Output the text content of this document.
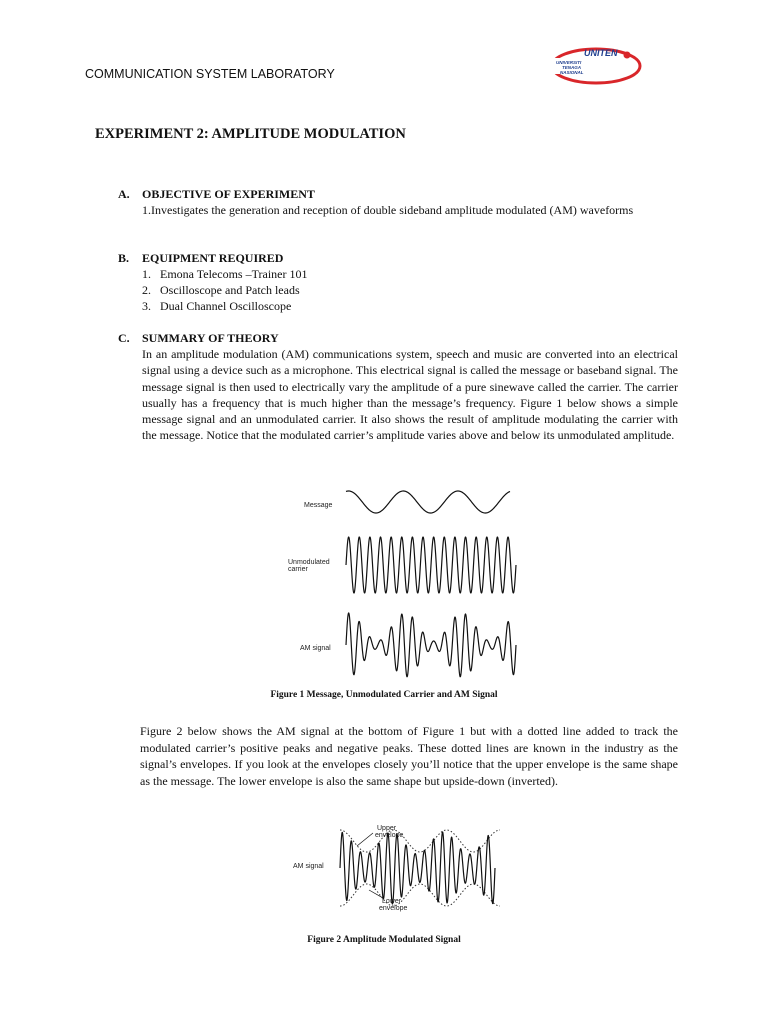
COMMUNICATION SYSTEM LABORATORY
UNITEN
UNIVERSITI
TENAGA
NASIONAL
EXPERIMENT 2: AMPLITUDE MODULATION
A. OBJECTIVE OF EXPERIMENT
1.Investigates the generation and reception of double sideband amplitude modulated (AM) waveforms
B. EQUIPMENT REQUIRED
1. Emona Telecoms –Trainer 101
2. Oscilloscope and Patch leads
3. Dual Channel Oscilloscope
C. SUMMARY OF THEORY
In an amplitude modulation (AM) communications system, speech and music are converted into an electrical signal using a device such as a microphone. This electrical signal is called the message or baseband signal. The message signal is then used to electrically vary the amplitude of a pure sinewave called the carrier. The carrier usually has a frequency that is much higher than the message’s frequency. Figure 1 below shows a simple message signal and an unmodulated carrier. It also shows the result of amplitude modulating the carrier with the message. Notice that the modulated carrier’s amplitude varies above and below its unmodulated amplitude.
Message
Unmodulated
carrier
AM signal
Figure 1 Message, Unmodulated Carrier and AM Signal
Figure 2 below shows the AM signal at the bottom of Figure 1 but with a dotted line added to track the modulated carrier’s positive peaks and negative peaks. These dotted lines are known in the industry as the signal’s envelopes. If you look at the envelopes closely you’ll notice that the upper envelope is the same shape as the message. The lower envelope is also the same shape but upside-down (inverted).
AM signal
Upper
envelope
Lower
envelope
Figure 2 Amplitude Modulated Signal
